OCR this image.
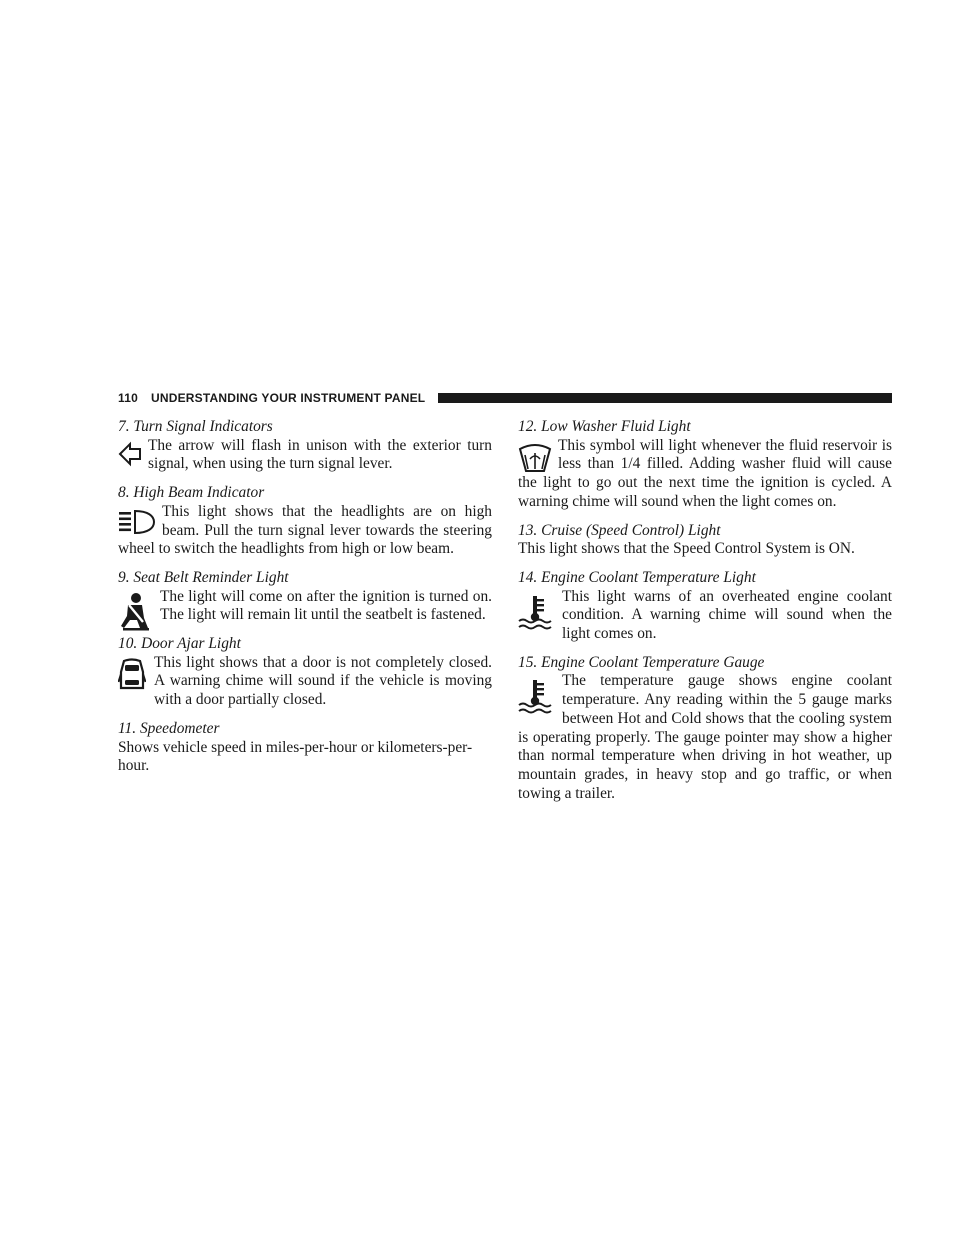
110 UNDERSTANDING YOUR INSTRUMENT PANEL
7. Turn Signal Indicators
The arrow will flash in unison with the exterior turn signal, when using the turn signal lever.
8. High Beam Indicator
This light shows that the headlights are on high beam. Pull the turn signal lever towards the steering wheel to switch the headlights from high or low beam.
9. Seat Belt Reminder Light
The light will come on after the ignition is turned on. The light will remain lit until the seatbelt is fastened.
10. Door Ajar Light
This light shows that a door is not completely closed. A warning chime will sound if the vehicle is moving with a door partially closed.
11. Speedometer
Shows vehicle speed in miles-per-hour or kilometers-per-hour.
12. Low Washer Fluid Light
This symbol will light whenever the fluid reservoir is less than 1/4 filled. Adding washer fluid will cause the light to go out the next time the ignition is cycled. A warning chime will sound when the light comes on.
13. Cruise (Speed Control) Light
This light shows that the Speed Control System is ON.
14. Engine Coolant Temperature Light
This light warns of an overheated engine coolant condition. A warning chime will sound when the light comes on.
15. Engine Coolant Temperature Gauge
The temperature gauge shows engine coolant temperature. Any reading within the 5 gauge marks between Hot and Cold shows that the cooling system is operating properly. The gauge pointer may show a higher than normal temperature when driving in hot weather, up mountain grades, in heavy stop and go traffic, or when towing a trailer.
